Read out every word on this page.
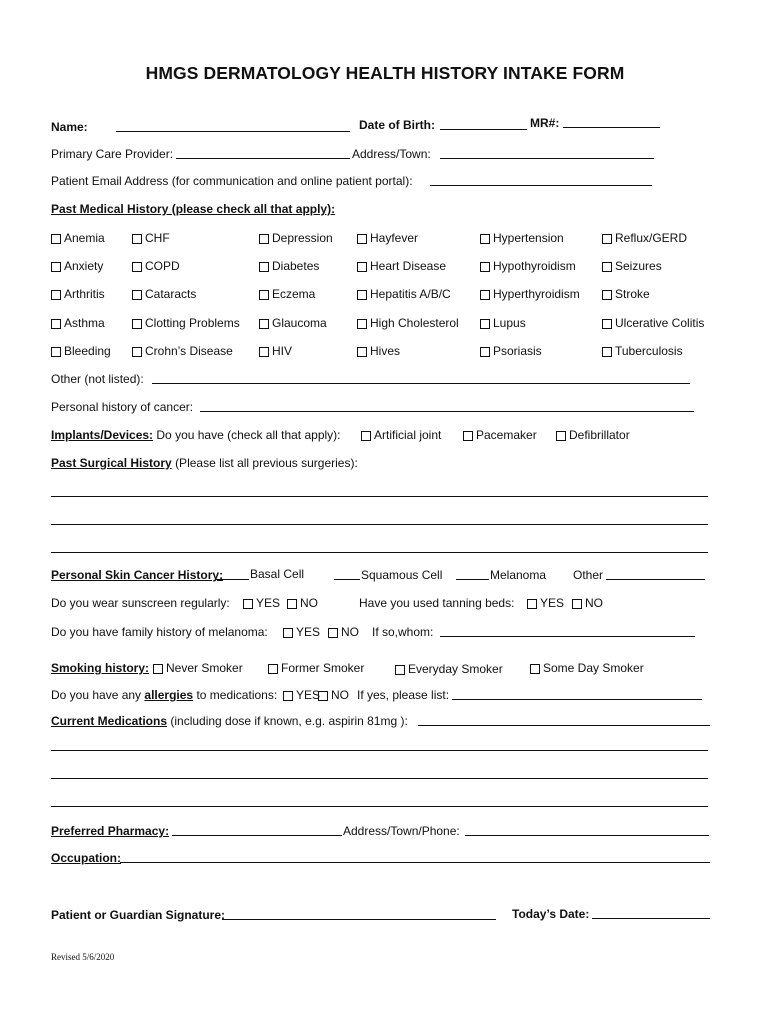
HMGS DERMATOLOGY HEALTH HISTORY INTAKE FORM
Name:	Date of Birth:	MR#:
Primary Care Provider:	Address/Town:
Patient Email Address (for communication and online patient portal):
Past Medical History (please check all that apply):
Anemia	CHF	Depression	Hayfever	Hypertension	Reflux/GERD
Anxiety	COPD	Diabetes	Heart Disease	Hypothyroidism	Seizures
Arthritis	Cataracts	Eczema	Hepatitis A/B/C	Hyperthyroidism	Stroke
Asthma	Clotting Problems	Glaucoma	High Cholesterol	Lupus	Ulcerative Colitis
Bleeding	Crohn’s Disease	HIV	Hives	Psoriasis	Tuberculosis
Other (not listed):
Personal history of cancer:
Implants/Devices: Do you have (check all that apply):	Artificial joint	Pacemaker	Defibrillator
Past Surgical History (Please list all previous surgeries):
Personal Skin Cancer History: Basal Cell	Squamous Cell	Melanoma Other
Do you wear sunscreen regularly: YES NO	Have you used tanning beds: YES NO
Do you have family history of melanoma: YES NO If so,whom:
Smoking history: Never Smoker	Former Smoker	Everyday Smoker	Some Day Smoker
Do you have any allergies to medications: YES NO If yes, please list:
Current Medications (including dose if known, e.g. aspirin 81mg ):
Preferred Pharmacy:	Address/Town/Phone:
Occupation:
Patient or Guardian Signature:	Today’s Date:
Revised 5/6/2020
